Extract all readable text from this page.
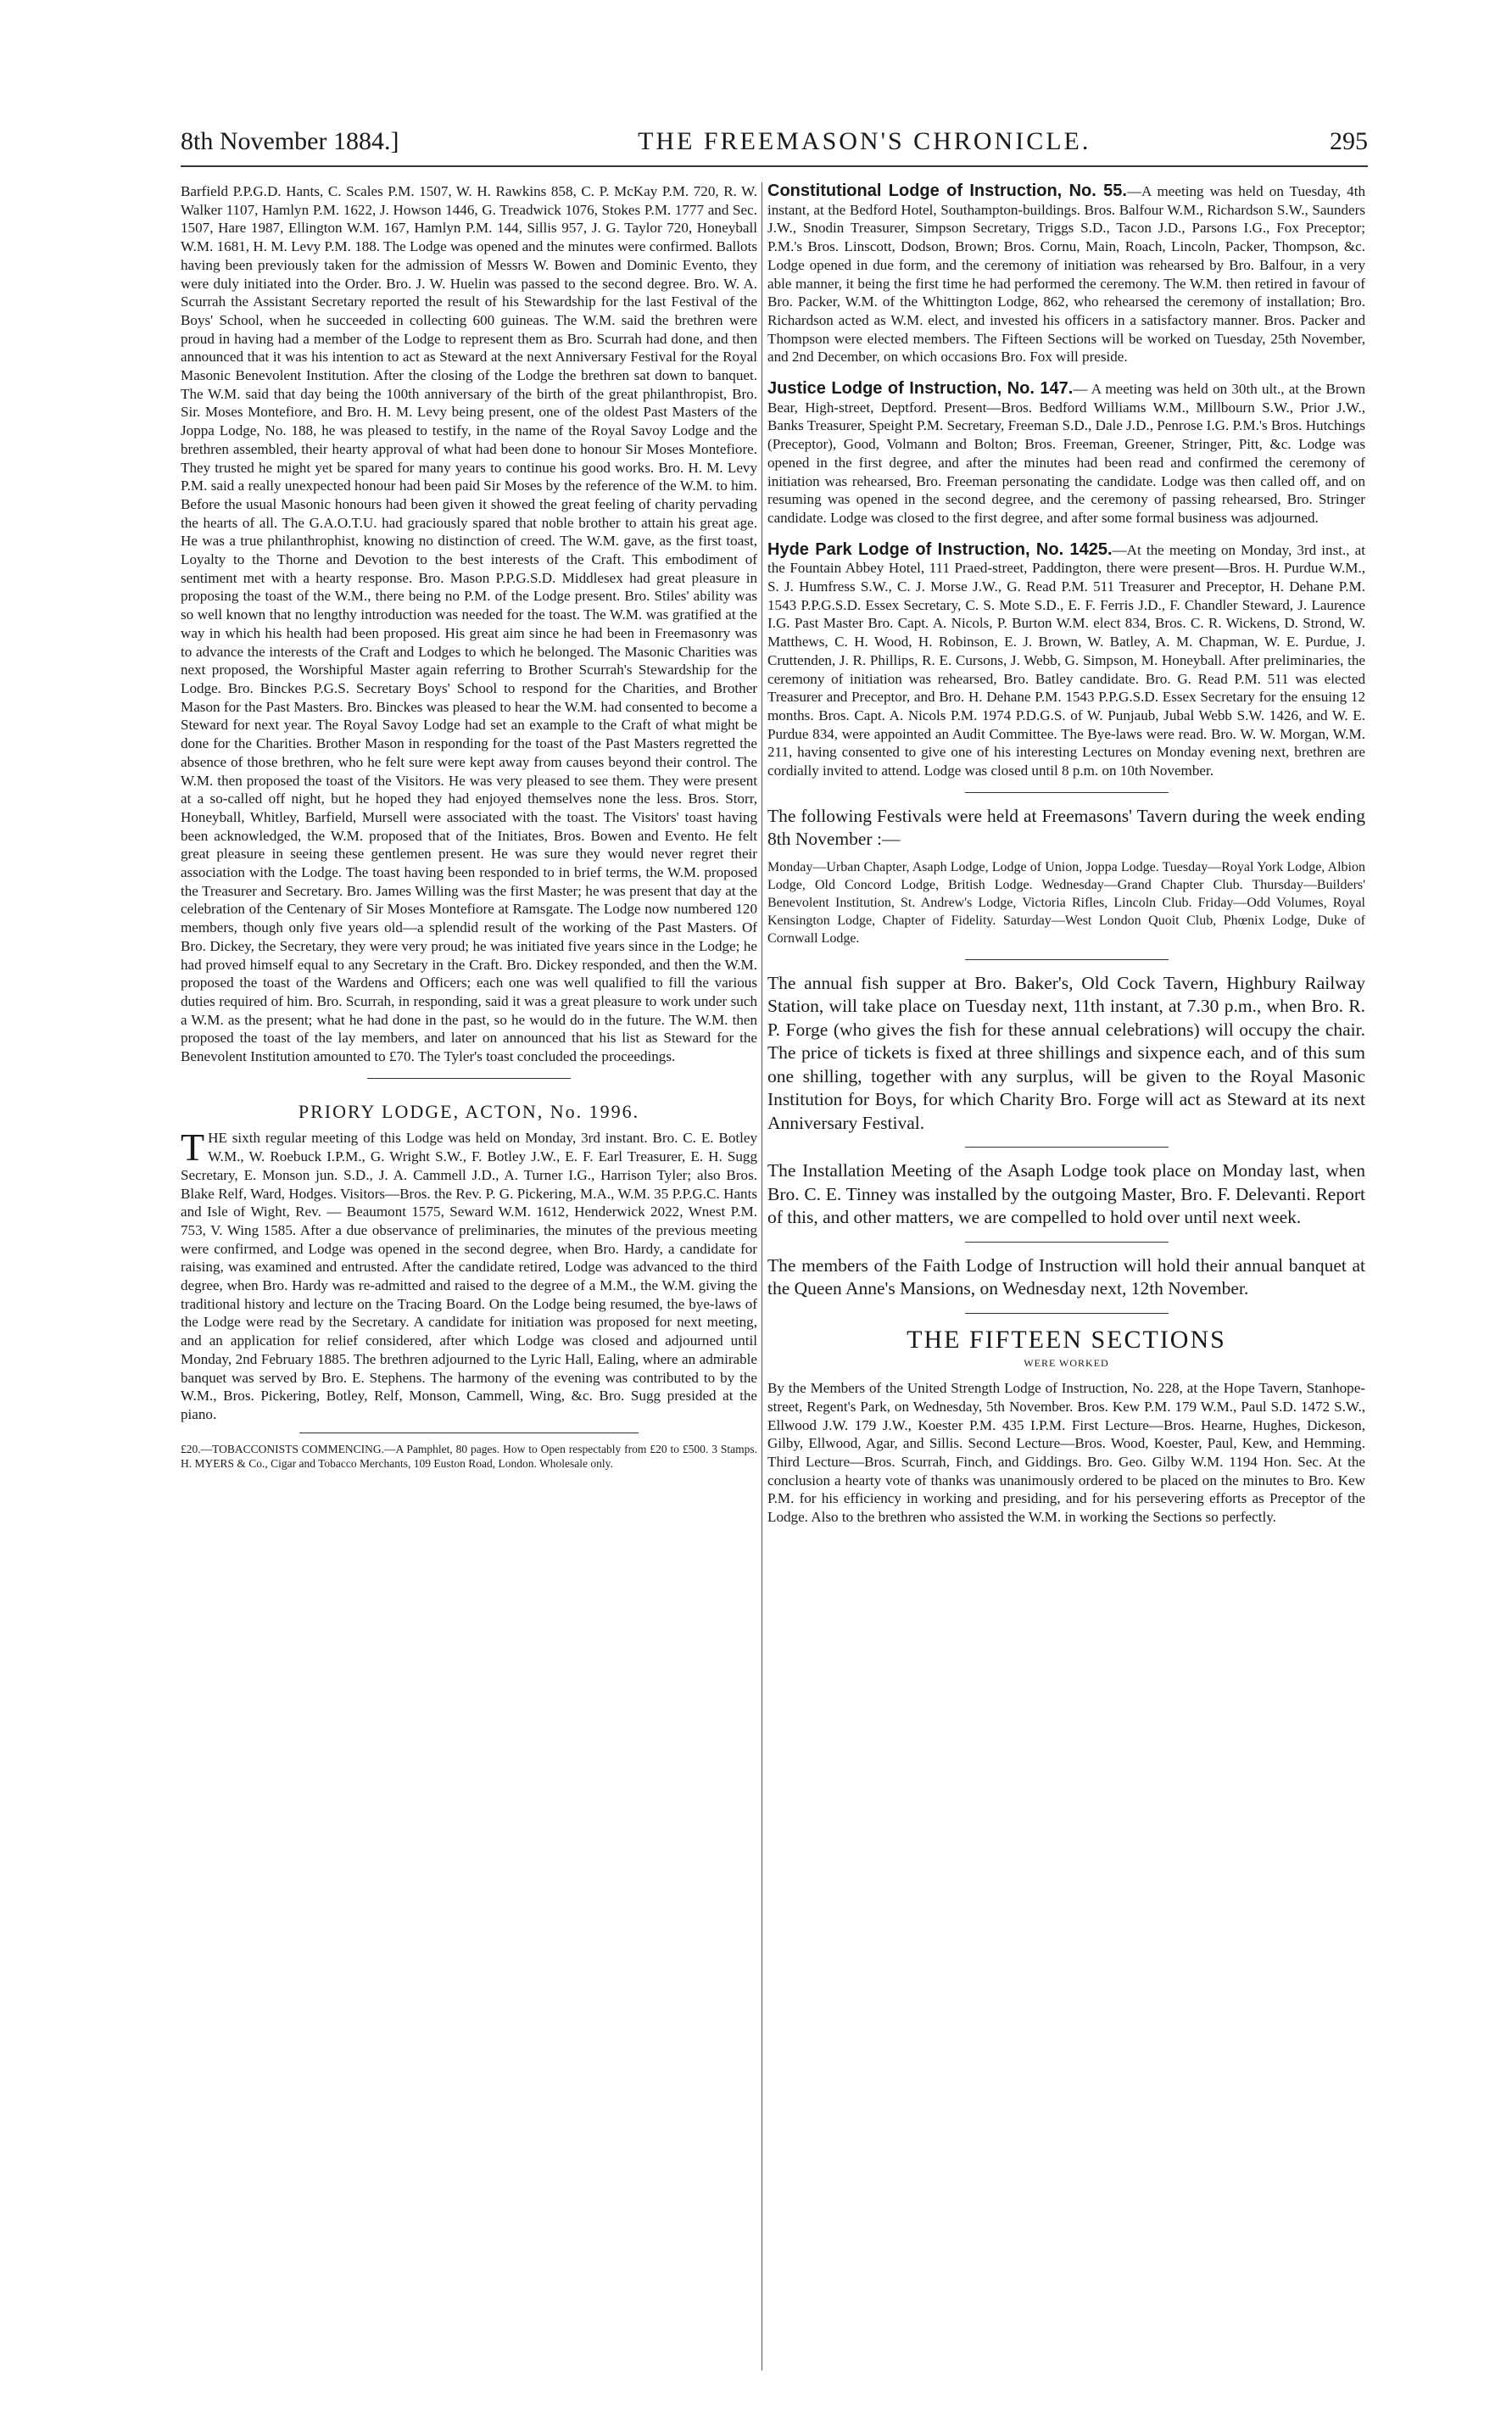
8th November 1884.]	THE FREEMASON'S CHRONICLE.	295

Barfield P.P.G.D. Hants, C. Scales P.M. 1507, W. H. Rawkins 858, C. P. McKay P.M. 720, R. W. Walker 1107, Hamlyn P.M. 1622, J. Howson 1446, G. Treadwick 1076, Stokes P.M. 1777 and Sec. 1507, Hare 1987, Ellington W.M. 167, Hamlyn P.M. 144, Sillis 957, J. G. Taylor 720, Honeyball W.M. 1681, H. M. Levy P.M. 188. The Lodge was opened and the minutes were confirmed. Ballots having been previously taken for the admission of Messrs W. Bowen and Dominic Evento, they were duly initiated into the Order. Bro. J. W. Huelin was passed to the second degree. Bro. W. A. Scurrah the Assistant Secretary reported the result of his Stewardship for the last Festival of the Boys' School, when he succeeded in collecting 600 guineas. The W.M. said the brethren were proud in having had a member of the Lodge to represent them as Bro. Scurrah had done, and then announced that it was his intention to act as Steward at the next Anniversary Festival for the Royal Masonic Benevolent Institution. After the closing of the Lodge the brethren sat down to banquet. The W.M. said that day being the 100th anniversary of the birth of the great philanthropist, Bro. Sir. Moses Montefiore, and Bro. H. M. Levy being present, one of the oldest Past Masters of the Joppa Lodge, No. 188, he was pleased to testify, in the name of the Royal Savoy Lodge and the brethren assembled, their hearty approval of what had been done to honour Sir Moses Montefiore. They trusted he might yet be spared for many years to continue his good works. Bro. H. M. Levy P.M. said a really unexpected honour had been paid Sir Moses by the reference of the W.M. to him. Before the usual Masonic honours had been given it showed the great feeling of charity pervading the hearts of all. The G.A.O.T.U. had graciously spared that noble brother to attain his great age. He was a true philanthrophist, knowing no distinction of creed. The W.M. gave, as the first toast, Loyalty to the Thorne and Devotion to the best interests of the Craft. This embodiment of sentiment met with a hearty response. Bro. Mason P.P.G.S.D. Middlesex had great pleasure in proposing the toast of the W.M., there being no P.M. of the Lodge present. Bro. Stiles' ability was so well known that no lengthy introduction was needed for the toast. The W.M. was gratified at the way in which his health had been proposed. His great aim since he had been in Freemasonry was to advance the interests of the Craft and Lodges to which he belonged. The Masonic Charities was next proposed, the Worshipful Master again referring to Brother Scurrah's Stewardship for the Lodge. Bro. Binckes P.G.S. Secretary Boys' School to respond for the Charities, and Brother Mason for the Past Masters. Bro. Binckes was pleased to hear the W.M. had consented to become a Steward for next year. The Royal Savoy Lodge had set an example to the Craft of what might be done for the Charities. Brother Mason in responding for the toast of the Past Masters regretted the absence of those brethren, who he felt sure were kept away from causes beyond their control. The W.M. then proposed the toast of the Visitors. He was very pleased to see them. They were present at a so-called off night, but he hoped they had enjoyed themselves none the less. Bros. Storr, Honeyball, Whitley, Barfield, Mursell were associated with the toast. The Visitors' toast having been acknowledged, the W.M. proposed that of the Initiates, Bros. Bowen and Evento. He felt great pleasure in seeing these gentlemen present. He was sure they would never regret their association with the Lodge. The toast having been responded to in brief terms, the W.M. proposed the Treasurer and Secretary. Bro. James Willing was the first Master; he was present that day at the celebration of the Centenary of Sir Moses Montefiore at Ramsgate. The Lodge now numbered 120 members, though only five years old—a splendid result of the working of the Past Masters. Of Bro. Dickey, the Secretary, they were very proud; he was initiated five years since in the Lodge; he had proved himself equal to any Secretary in the Craft. Bro. Dickey responded, and then the W.M. proposed the toast of the Wardens and Officers; each one was well qualified to fill the various duties required of him. Bro. Scurrah, in responding, said it was a great pleasure to work under such a W.M. as the present; what he had done in the past, so he would do in the future. The W.M. then proposed the toast of the lay members, and later on announced that his list as Steward for the Benevolent Institution amounted to £70. The Tyler's toast concluded the proceedings.

PRIORY LODGE, ACTON, No. 1996.

T HE sixth regular meeting of this Lodge was held on Monday, 3rd instant. Bro. C. E. Botley W.M., W. Roebuck I.P.M., G. Wright S.W., F. Botley J.W., E. F. Earl Treasurer, E. H. Sugg Secretary, E. Monson jun. S.D., J. A. Cammell J.D., A. Turner I.G., Harrison Tyler; also Bros. Blake Relf, Ward, Hodges. Visitors—Bros. the Rev. P. G. Pickering, M.A., W.M. 35 P.P.G.C. Hants and Isle of Wight, Rev. — Beaumont 1575, Seward W.M. 1612, Henderwick 2022, Wnest P.M. 753, V. Wing 1585. After a due observance of preliminaries, the minutes of the previous meeting were confirmed, and Lodge was opened in the second degree, when Bro. Hardy, a candidate for raising, was examined and entrusted. After the candidate retired, Lodge was advanced to the third degree, when Bro. Hardy was re-admitted and raised to the degree of a M.M., the W.M. giving the traditional history and lecture on the Tracing Board. On the Lodge being resumed, the bye-laws of the Lodge were read by the Secretary. A candidate for initiation was proposed for next meeting, and an application for relief considered, after which Lodge was closed and adjourned until Monday, 2nd February 1885. The brethren adjourned to the Lyric Hall, Ealing, where an admirable banquet was served by Bro. E. Stephens. The harmony of the evening was contributed to by the W.M., Bros. Pickering, Botley, Relf, Monson, Cammell, Wing, &c. Bro. Sugg presided at the piano.

£20.—TOBACCONISTS COMMENCING.—A Pamphlet, 80 pages. How to Open respectably from £20 to £500. 3 Stamps. H. MYERS & Co., Cigar and Tobacco Merchants, 109 Euston Road, London. Wholesale only.

Constitutional Lodge of Instruction, No. 55.—A meeting was held on Tuesday, 4th instant, at the Bedford Hotel, Southampton-buildings. Bros. Balfour W.M., Richardson S.W., Saunders J.W., Snodin Treasurer, Simpson Secretary, Triggs S.D., Tacon J.D., Parsons I.G., Fox Preceptor; P.M.'s Bros. Linscott, Dodson, Brown; Bros. Cornu, Main, Roach, Lincoln, Packer, Thompson, &c. Lodge opened in due form, and the ceremony of initiation was rehearsed by Bro. Balfour, in a very able manner, it being the first time he had performed the ceremony. The W.M. then retired in favour of Bro. Packer, W.M. of the Whittington Lodge, 862, who rehearsed the ceremony of installation; Bro. Richardson acted as W.M. elect, and invested his officers in a satisfactory manner. Bros. Packer and Thompson were elected members. The Fifteen Sections will be worked on Tuesday, 25th November, and 2nd December, on which occasions Bro. Fox will preside.

Justice Lodge of Instruction, No. 147.— A meeting was held on 30th ult., at the Brown Bear, High-street, Deptford. Present—Bros. Bedford Williams W.M., Millbourn S.W., Prior J.W., Banks Treasurer, Speight P.M. Secretary, Freeman S.D., Dale J.D., Penrose I.G. P.M.'s Bros. Hutchings (Preceptor), Good, Volmann and Bolton; Bros. Freeman, Greener, Stringer, Pitt, &c. Lodge was opened in the first degree, and after the minutes had been read and confirmed the ceremony of initiation was rehearsed, Bro. Freeman personating the candidate. Lodge was then called off, and on resuming was opened in the second degree, and the ceremony of passing rehearsed, Bro. Stringer candidate. Lodge was closed to the first degree, and after some formal business was adjourned.

Hyde Park Lodge of Instruction, No. 1425.—At the meeting on Monday, 3rd inst., at the Fountain Abbey Hotel, 111 Praed-street, Paddington, there were present—Bros. H. Purdue W.M., S. J. Humfress S.W., C. J. Morse J.W., G. Read P.M. 511 Treasurer and Preceptor, H. Dehane P.M. 1543 P.P.G.S.D. Essex Secretary, C. S. Mote S.D., E. F. Ferris J.D., F. Chandler Steward, J. Laurence I.G. Past Master Bro. Capt. A. Nicols, P. Burton W.M. elect 834, Bros. C. R. Wickens, D. Strond, W. Matthews, C. H. Wood, H. Robinson, E. J. Brown, W. Batley, A. M. Chapman, W. E. Purdue, J. Cruttenden, J. R. Phillips, R. E. Cursons, J. Webb, G. Simpson, M. Honeyball. After preliminaries, the ceremony of initiation was rehearsed, Bro. Batley candidate. Bro. G. Read P.M. 511 was elected Treasurer and Preceptor, and Bro. H. Dehane P.M. 1543 P.P.G.S.D. Essex Secretary for the ensuing 12 months. Bros. Capt. A. Nicols P.M. 1974 P.D.G.S. of W. Punjaub, Jubal Webb S.W. 1426, and W. E. Purdue 834, were appointed an Audit Committee. The Bye-laws were read. Bro. W. W. Morgan, W.M. 211, having consented to give one of his interesting Lectures on Monday evening next, brethren are cordially invited to attend. Lodge was closed until 8 p.m. on 10th November.

The following Festivals were held at Freemasons' Tavern during the week ending 8th November :—

Monday—Urban Chapter, Asaph Lodge, Lodge of Union, Joppa Lodge. Tuesday—Royal York Lodge, Albion Lodge, Old Concord Lodge, British Lodge. Wednesday—Grand Chapter Club. Thursday—Builders' Benevolent Institution, St. Andrew's Lodge, Victoria Rifles, Lincoln Club. Friday—Odd Volumes, Royal Kensington Lodge, Chapter of Fidelity. Saturday—West London Quoit Club, Phœnix Lodge, Duke of Cornwall Lodge.

The annual fish supper at Bro. Baker's, Old Cock Tavern, Highbury Railway Station, will take place on Tuesday next, 11th instant, at 7.30 p.m., when Bro. R. P. Forge (who gives the fish for these annual celebrations) will occupy the chair. The price of tickets is fixed at three shillings and sixpence each, and of this sum one shilling, together with any surplus, will be given to the Royal Masonic Institution for Boys, for which Charity Bro. Forge will act as Steward at its next Anniversary Festival.

The Installation Meeting of the Asaph Lodge took place on Monday last, when Bro. C. E. Tinney was installed by the outgoing Master, Bro. F. Delevanti. Report of this, and other matters, we are compelled to hold over until next week.

The members of the Faith Lodge of Instruction will hold their annual banquet at the Queen Anne's Mansions, on Wednesday next, 12th November.

THE FIFTEEN SECTIONS
WERE WORKED

By the Members of the United Strength Lodge of Instruction, No. 228, at the Hope Tavern, Stanhope-street, Regent's Park, on Wednesday, 5th November. Bros. Kew P.M. 179 W.M., Paul S.D. 1472 S.W., Ellwood J.W. 179 J.W., Koester P.M. 435 I.P.M. First Lecture—Bros. Hearne, Hughes, Dickeson, Gilby, Ellwood, Agar, and Sillis. Second Lecture—Bros. Wood, Koester, Paul, Kew, and Hemming. Third Lecture—Bros. Scurrah, Finch, and Giddings. Bro. Geo. Gilby W.M. 1194 Hon. Sec. At the conclusion a hearty vote of thanks was unanimously ordered to be placed on the minutes to Bro. Kew P.M. for his efficiency in working and presiding, and for his persevering efforts as Preceptor of the Lodge. Also to the brethren who assisted the W.M. in working the Sections so perfectly.
